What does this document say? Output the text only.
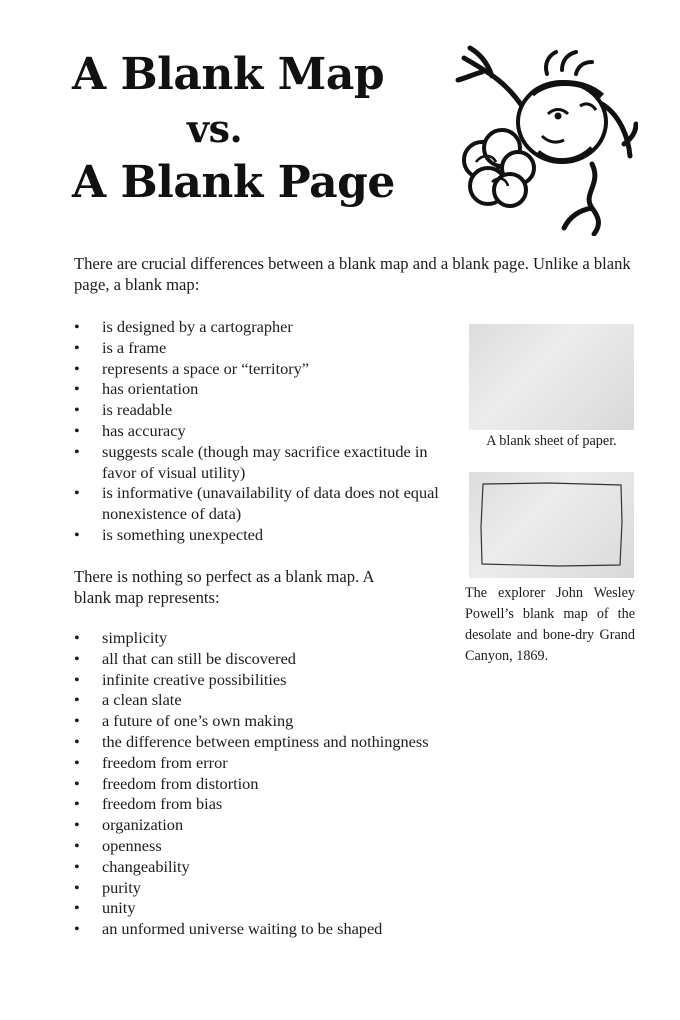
A Blank Map
vs.
A Blank Page
There are crucial differences between a blank map and a blank page. Unlike a blank page, a blank map:
• is designed by a cartographer
• is a frame
• represents a space or “territory”
• has orientation
• is readable
• has accuracy
• suggests scale (though may sacrifice exactitude in favor of visual utility)
• is informative (unavailability of data does not equal nonexistence of data)
• is something unexpected
A blank sheet of paper.
The explorer John Wesley Powell’s blank map of the desolate and bone-dry Grand Canyon, 1869.
There is nothing so perfect as a blank map. A blank map represents:
• simplicity
• all that can still be discovered
• infinite creative possibilities
• a clean slate
• a future of one’s own making
• the difference between emptiness and nothingness
• freedom from error
• freedom from distortion
• freedom from bias
• organization
• openness
• changeability
• purity
• unity
• an unformed universe waiting to be shaped
